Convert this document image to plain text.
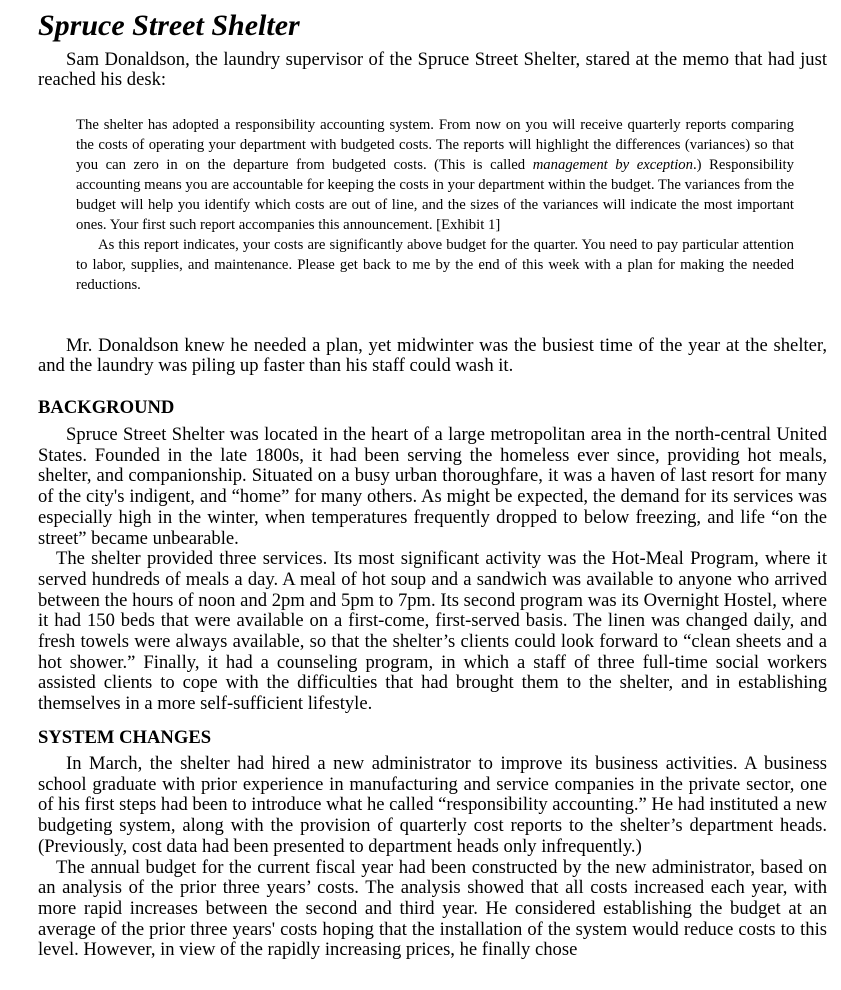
Spruce Street Shelter

Sam Donaldson, the laundry supervisor of the Spruce Street Shelter, stared at the memo that had just reached his desk:

The shelter has adopted a responsibility accounting system. From now on you will receive quarterly reports comparing the costs of operating your department with budgeted costs. The reports will highlight the differences (variances) so that you can zero in on the departure from budgeted costs. (This is called management by exception.) Responsibility accounting means you are accountable for keeping the costs in your department within the budget. The variances from the budget will help you identify which costs are out of line, and the sizes of the variances will indicate the most important ones. Your first such report accompanies this announcement. [Exhibit 1]

As this report indicates, your costs are significantly above budget for the quarter. You need to pay particular attention to labor, supplies, and maintenance. Please get back to me by the end of this week with a plan for making the needed reductions.

Mr. Donaldson knew he needed a plan, yet midwinter was the busiest time of the year at the shelter, and the laundry was piling up faster than his staff could wash it.

BACKGROUND

Spruce Street Shelter was located in the heart of a large metropolitan area in the north-central United States. Founded in the late 1800s, it had been serving the homeless ever since, providing hot meals, shelter, and companionship. Situated on a busy urban thoroughfare, it was a haven of last resort for many of the city's indigent, and “home” for many others. As might be expected, the demand for its services was especially high in the winter, when temperatures frequently dropped to below freezing, and life “on the street” became unbearable.

The shelter provided three services. Its most significant activity was the Hot-Meal Program, where it served hundreds of meals a day. A meal of hot soup and a sandwich was available to anyone who arrived between the hours of noon and 2pm and 5pm to 7pm. Its second program was its Overnight Hostel, where it had 150 beds that were available on a first-come, first-served basis. The linen was changed daily, and fresh towels were always available, so that the shelter’s clients could look forward to “clean sheets and a hot shower.” Finally, it had a counseling program, in which a staff of three full-time social workers assisted clients to cope with the difficulties that had brought them to the shelter, and in establishing themselves in a more self-sufficient lifestyle.

SYSTEM CHANGES

In March, the shelter had hired a new administrator to improve its business activities. A business school graduate with prior experience in manufacturing and service companies in the private sector, one of his first steps had been to introduce what he called “responsibility accounting.” He had instituted a new budgeting system, along with the provision of quarterly cost reports to the shelter’s department heads. (Previously, cost data had been presented to department heads only infrequently.)

The annual budget for the current fiscal year had been constructed by the new administrator, based on an analysis of the prior three years’ costs. The analysis showed that all costs increased each year, with more rapid increases between the second and third year. He considered establishing the budget at an average of the prior three years' costs hoping that the installation of the system would reduce costs to this level. However, in view of the rapidly increasing prices, he finally chose
